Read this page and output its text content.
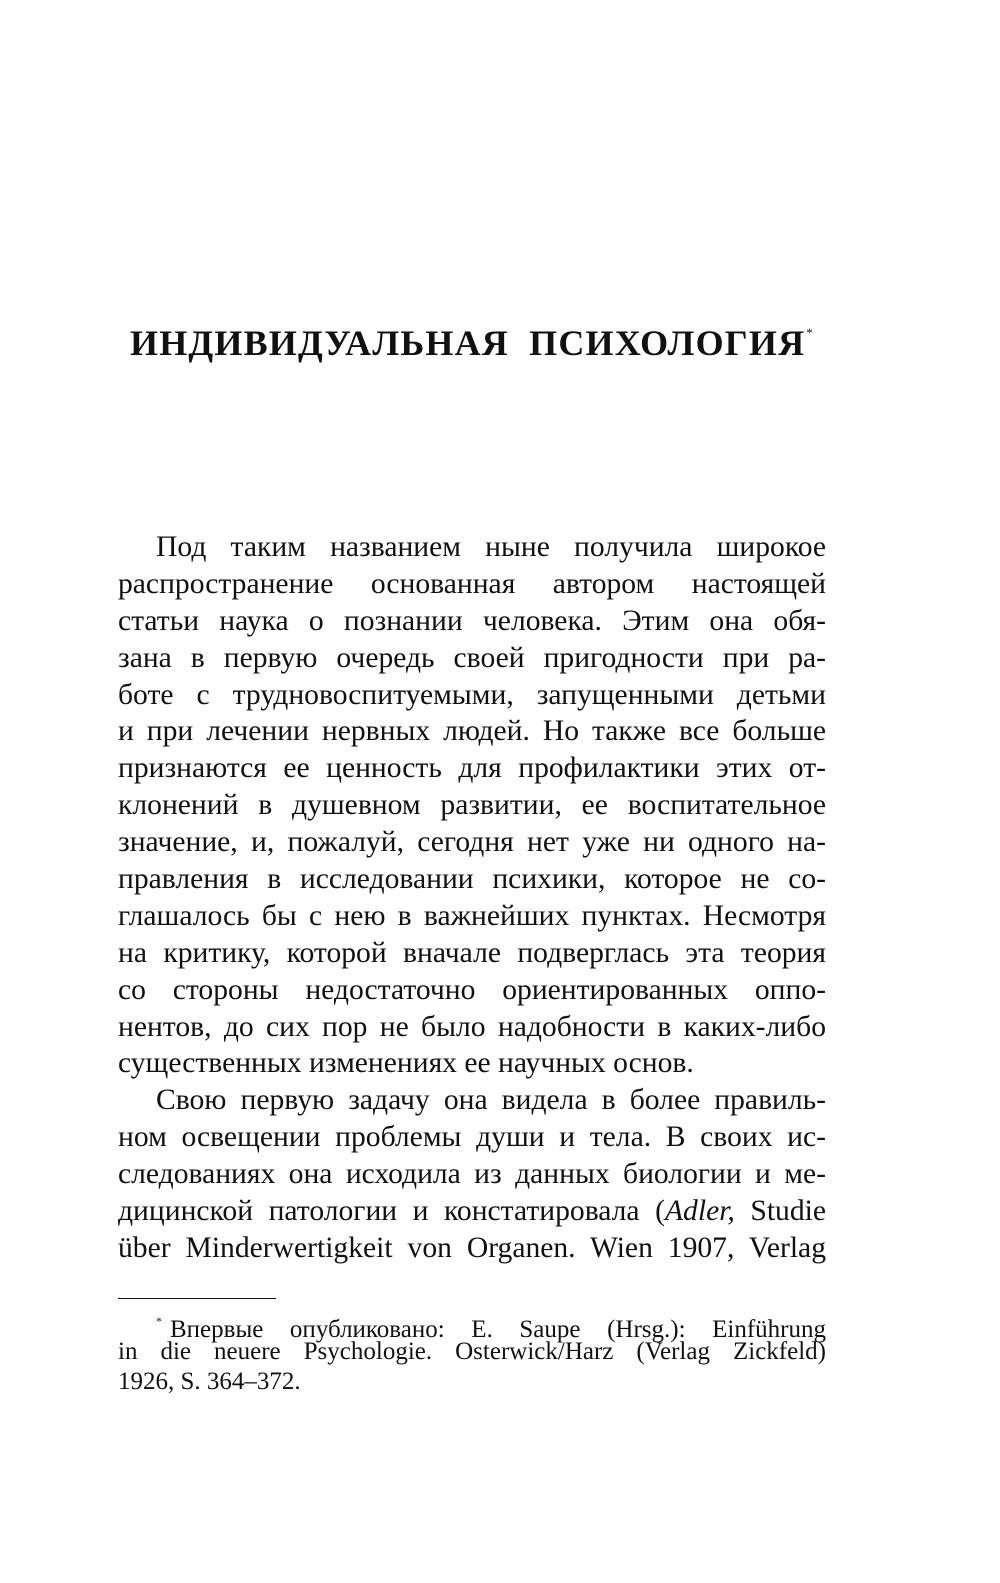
ИНДИВИДУАЛЬНАЯ ПСИХОЛОГИЯ*
Под таким названием ныне получила широкое
распространение основанная автором настоящей
статьи наука о познании человека. Этим она обя-
зана в первую очередь своей пригодности при ра-
боте с трудновоспитуемыми, запущенными детьми
и при лечении нервных людей. Но также все больше
признаются ее ценность для профилактики этих от-
клонений в душевном развитии, ее воспитательное
значение, и, пожалуй, сегодня нет уже ни одного на-
правления в исследовании психики, которое не со-
глашалось бы с нею в важнейших пунктах. Несмотря
на критику, которой вначале подверглась эта теория
со стороны недостаточно ориентированных оппо-
нентов, до сих пор не было надобности в каких-либо
существенных изменениях ее научных основ.
Свою первую задачу она видела в более правиль-
ном освещении проблемы души и тела. В своих ис-
следованиях она исходила из данных биологии и ме-
дицинской патологии и констатировала (Adler, Studie
über Minderwertigkeit von Organen. Wien 1907, Verlag
* Впервые опубликовано: E. Saupe (Hrsg.): Einführung
in die neuere Psychologie. Osterwick/Harz (Verlag Zickfeld)
1926, S. 364–372.
